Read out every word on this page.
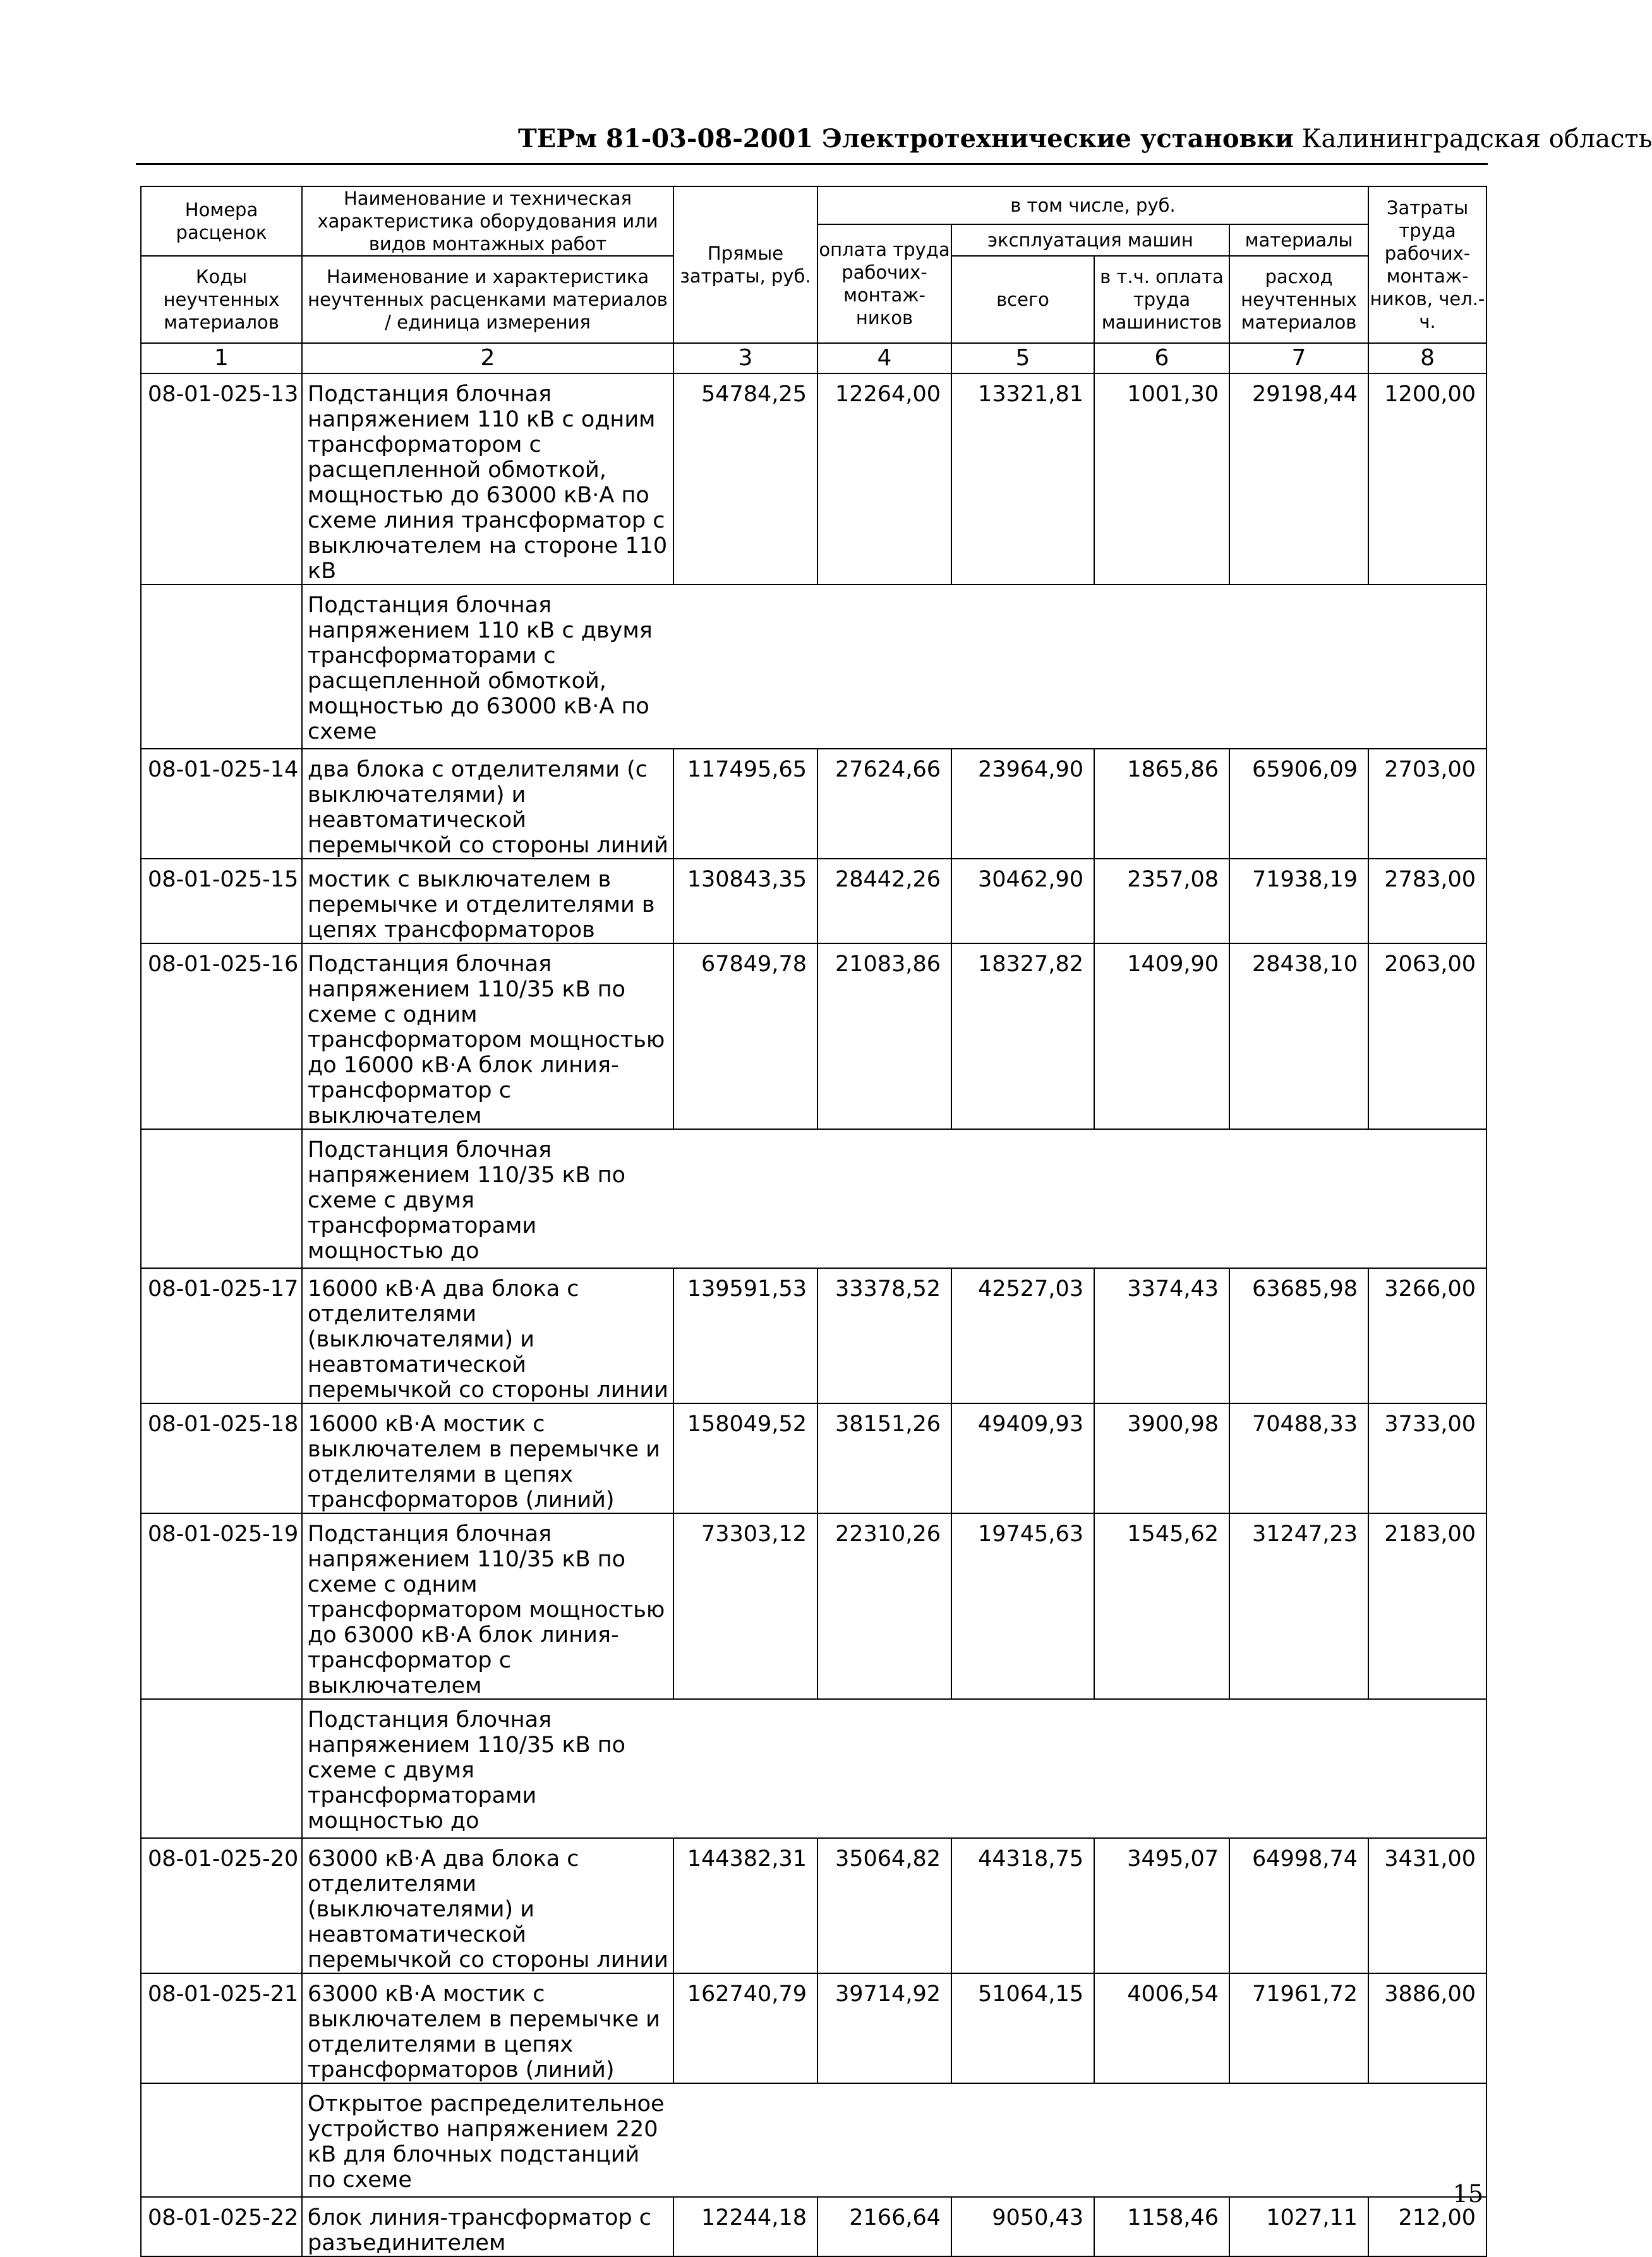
ТЕРм 81-03-08-2001 Электротехнические установки Калининградская область
Номера расценок	Наименование и техническая характеристика оборудования или видов монтажных работ	Прямые затраты, руб.	в том числе, руб.				Затраты труда рабочих-монтаж-ников, чел.-ч.
			оплата труда рабочих-монтаж-ников	эксплуатация машин		материалы	
Коды неучтенных материалов	Наименование и характеристика неучтенных расценками материалов / единица измерения			всего	в т.ч. оплата труда машинистов	расход неучтенных материалов	

1	2	3	4	5	6	7	8
08-01-025-13	Подстанция блочная напряжением 110 кВ с одним трансформатором с расщепленной обмоткой, мощностью до 63000 кВ·А по схеме линия трансформатор с выключателем на стороне 110 кВ	54784,25	12264,00	13321,81	1001,30	29198,44	1200,00

	Подстанция блочная напряжением 110 кВ с двумя трансформаторами с расщепленной обмоткой, мощностью до 63000 кВ·А по схеме						

08-01-025-14	два блока с отделителями (с выключателями) и неавтоматической перемычкой со стороны линий	117495,65	27624,66	23964,90	1865,86	65906,09	2703,00
08-01-025-15	мостик с выключателем в перемычке и отделителями в цепях трансформаторов	130843,35	28442,26	30462,90	2357,08	71938,19	2783,00
08-01-025-16	Подстанция блочная напряжением 110/35 кВ по схеме с одним трансформатором мощностью до 16000 кВ·А блок линия-трансформатор с выключателем	67849,78	21083,86	18327,82	1409,90	28438,10	2063,00

	Подстанция блочная напряжением 110/35 кВ по схеме с двумя трансформаторами мощностью до						

08-01-025-17	16000 кВ·А два блока с отделителями (выключателями) и неавтоматической перемычкой со стороны линии	139591,53	33378,52	42527,03	3374,43	63685,98	3266,00
08-01-025-18	16000 кВ·А мостик с выключателем в перемычке и отделителями в цепях трансформаторов (линий)	158049,52	38151,26	49409,93	3900,98	70488,33	3733,00
08-01-025-19	Подстанция блочная напряжением 110/35 кВ по схеме с одним трансформатором мощностью до 63000 кВ·А блок линия-трансформатор с выключателем	73303,12	22310,26	19745,63	1545,62	31247,23	2183,00

	Подстанция блочная напряжением 110/35 кВ по схеме с двумя трансформаторами мощностью до						

08-01-025-20	63000 кВ·А два блока с отделителями (выключателями) и неавтоматической перемычкой со стороны линии	144382,31	35064,82	44318,75	3495,07	64998,74	3431,00
08-01-025-21	63000 кВ·А мостик с выключателем в перемычке и отделителями в цепях трансформаторов (линий)	162740,79	39714,92	51064,15	4006,54	71961,72	3886,00

	Открытое распределительное устройство напряжением 220 кВ для блочных подстанций по схеме						

08-01-025-22	блок линия-трансформатор с разъединителем	12244,18	2166,64	9050,43	1158,46	1027,11	212,00
15
